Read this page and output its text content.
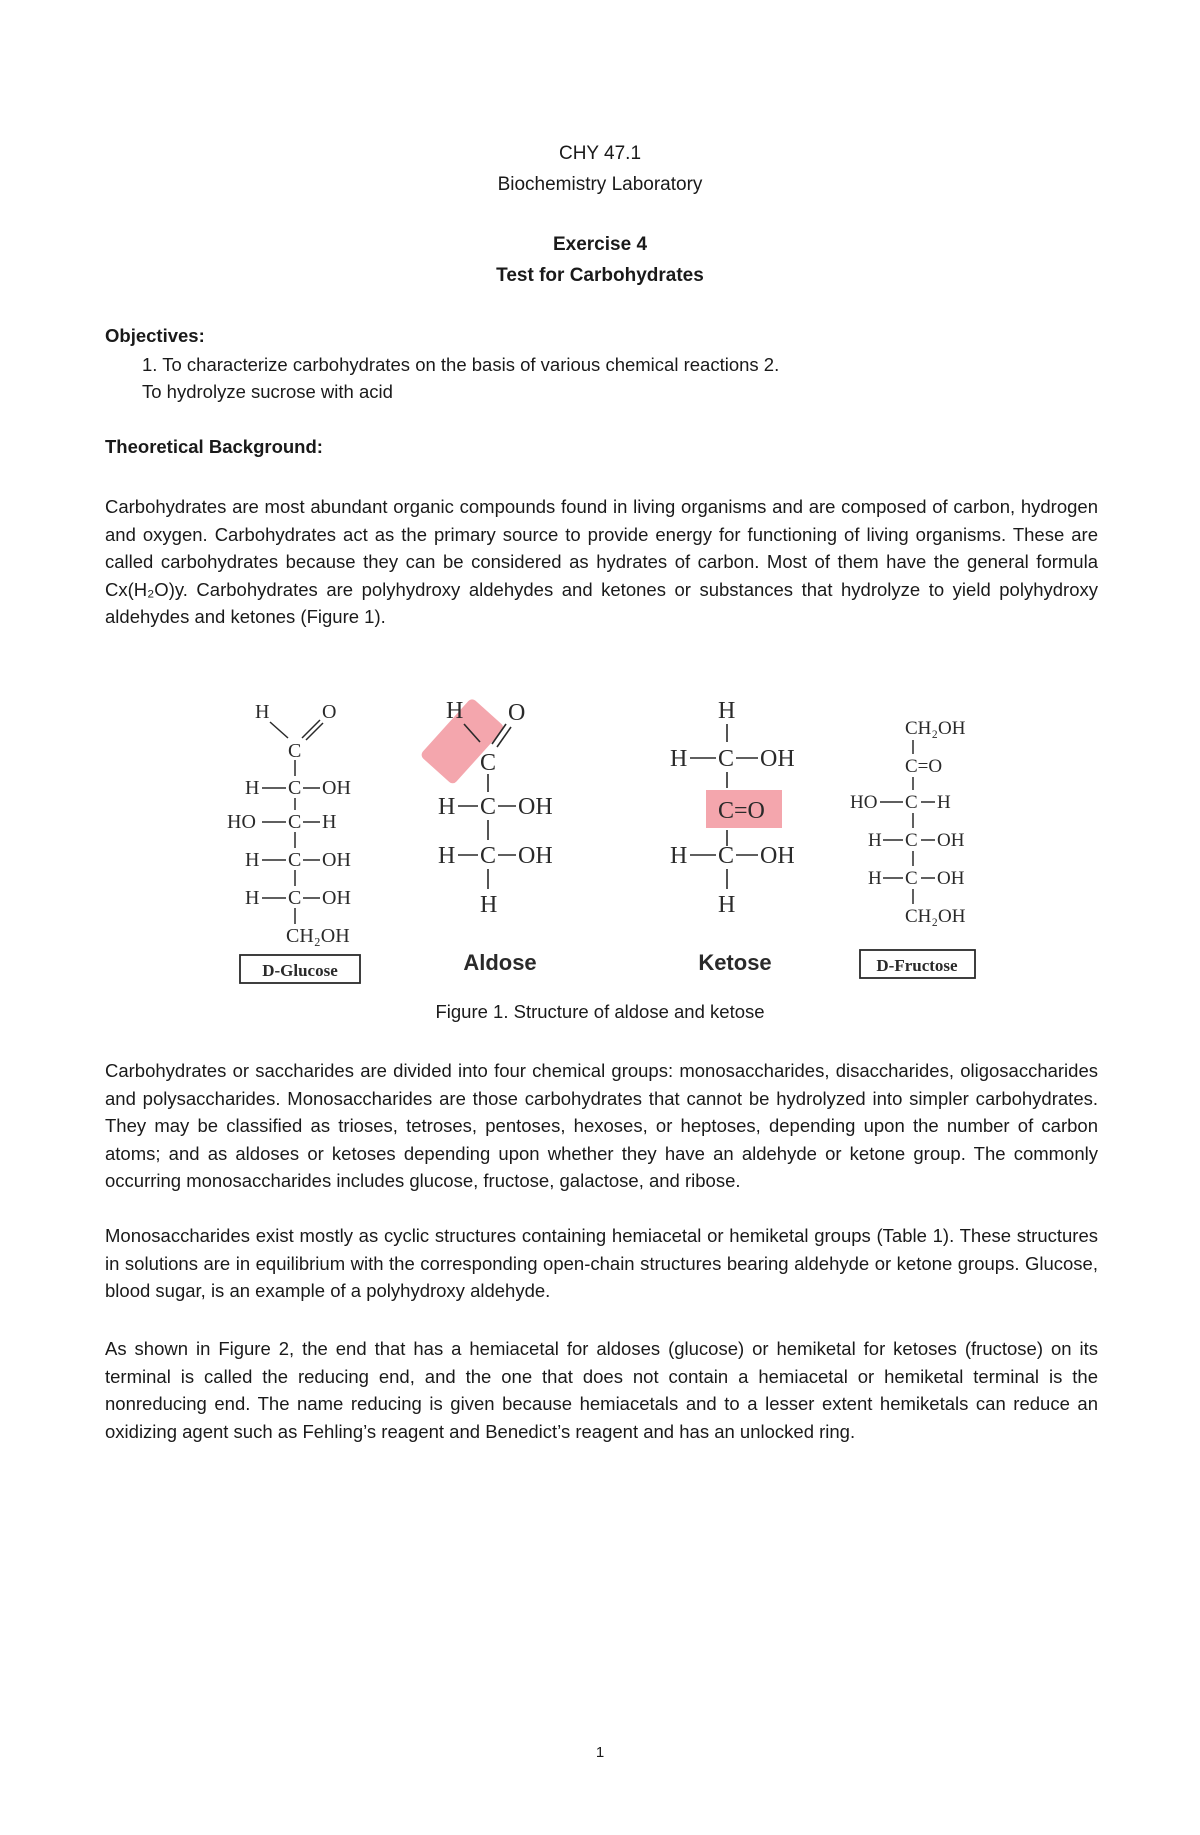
CHY 47.1
Biochemistry Laboratory
Exercise 4
Test for Carbohydrates
Objectives:
1. To characterize carbohydrates on the basis of various chemical reactions 2.
To hydrolyze sucrose with acid
Theoretical Background:
Carbohydrates are most abundant organic compounds found in living organisms and are composed of carbon, hydrogen and oxygen. Carbohydrates act as the primary source to provide energy for functioning of living organisms. These are called carbohydrates because they can be considered as hydrates of carbon. Most of them have the general formula Cx(H₂O)y. Carbohydrates are polyhydroxy aldehydes and ketones or substances that hydrolyze to yield polyhydroxy aldehydes and ketones (Figure 1).
H	O
C
H C OH
HO C H
H C OH
H C OH
CH₂OH
D-Glucose
H O
C
H C OH
H C OH
H
Aldose
H
H C OH
C=O
H C OH
H
Ketose
CH₂OH
C=O
HO C H
H C OH
H C OH
CH₂OH
D-Fructose
Figure 1. Structure of aldose and ketose
Carbohydrates or saccharides are divided into four chemical groups: monosaccharides, disaccharides, oligosaccharides and polysaccharides. Monosaccharides are those carbohydrates that cannot be hydrolyzed into simpler carbohydrates. They may be classified as trioses, tetroses, pentoses, hexoses, or heptoses, depending upon the number of carbon atoms; and as aldoses or ketoses depending upon whether they have an aldehyde or ketone group. The commonly occurring monosaccharides includes glucose, fructose, galactose, and ribose.
Monosaccharides exist mostly as cyclic structures containing hemiacetal or hemiketal groups (Table 1). These structures in solutions are in equilibrium with the corresponding open-chain structures bearing aldehyde or ketone groups. Glucose, blood sugar, is an example of a polyhydroxy aldehyde.
As shown in Figure 2, the end that has a hemiacetal for aldoses (glucose) or hemiketal for ketoses (fructose) on its terminal is called the reducing end, and the one that does not contain a hemiacetal or hemiketal terminal is the nonreducing end. The name reducing is given because hemiacetals and to a lesser extent hemiketals can reduce an oxidizing agent such as Fehling’s reagent and Benedict’s reagent and has an unlocked ring.
1
